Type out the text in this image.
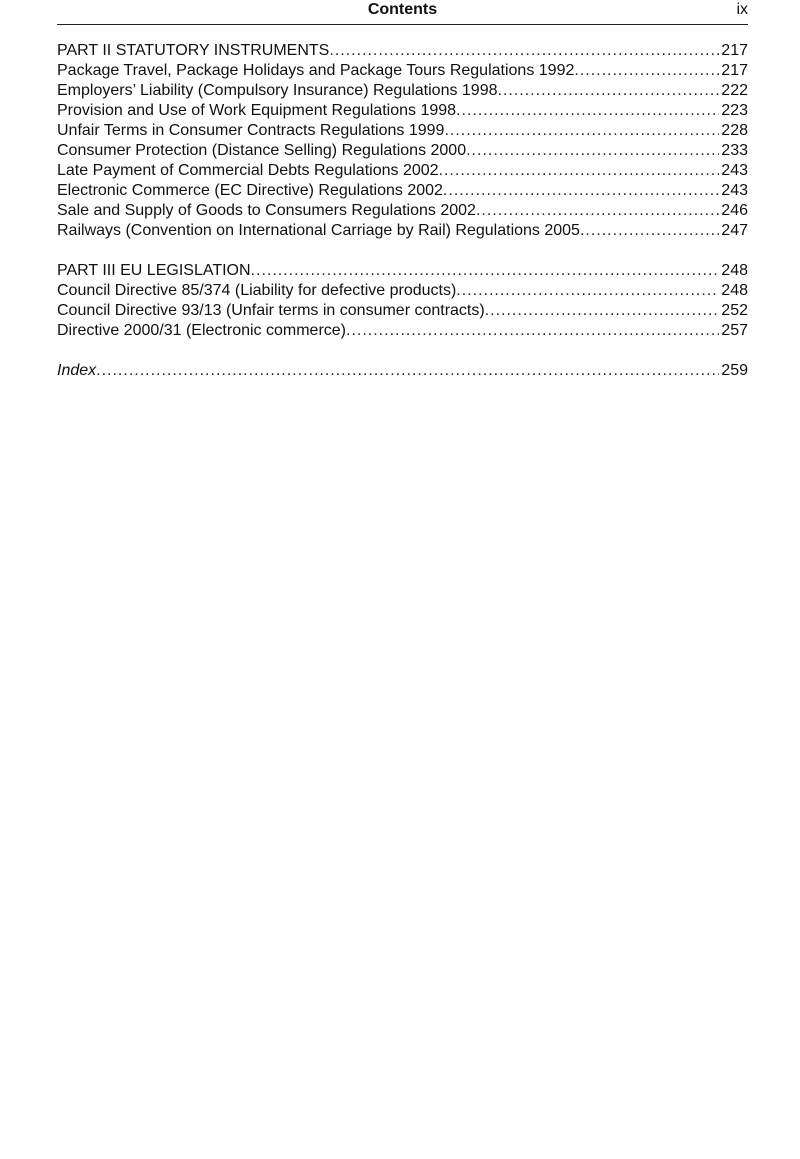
Contents	ix
PART II STATUTORY INSTRUMENTS .....	217
Package Travel, Package Holidays and Package Tours Regulations 1992 .....	217
Employers’ Liability (Compulsory Insurance) Regulations 1998 .....	222
Provision and Use of Work Equipment Regulations 1998 .....	223
Unfair Terms in Consumer Contracts Regulations 1999 .....	228
Consumer Protection (Distance Selling) Regulations 2000 .....	233
Late Payment of Commercial Debts Regulations 2002 .....	243
Electronic Commerce (EC Directive) Regulations 2002 .....	243
Sale and Supply of Goods to Consumers Regulations 2002 .....	246
Railways (Convention on International Carriage by Rail) Regulations 2005 .....	247
PART III EU LEGISLATION .....	248
Council Directive 85/374 (Liability for defective products) .....	248
Council Directive 93/13 (Unfair terms in consumer contracts) .....	252
Directive 2000/31 (Electronic commerce) .....	257
Index .....	259
